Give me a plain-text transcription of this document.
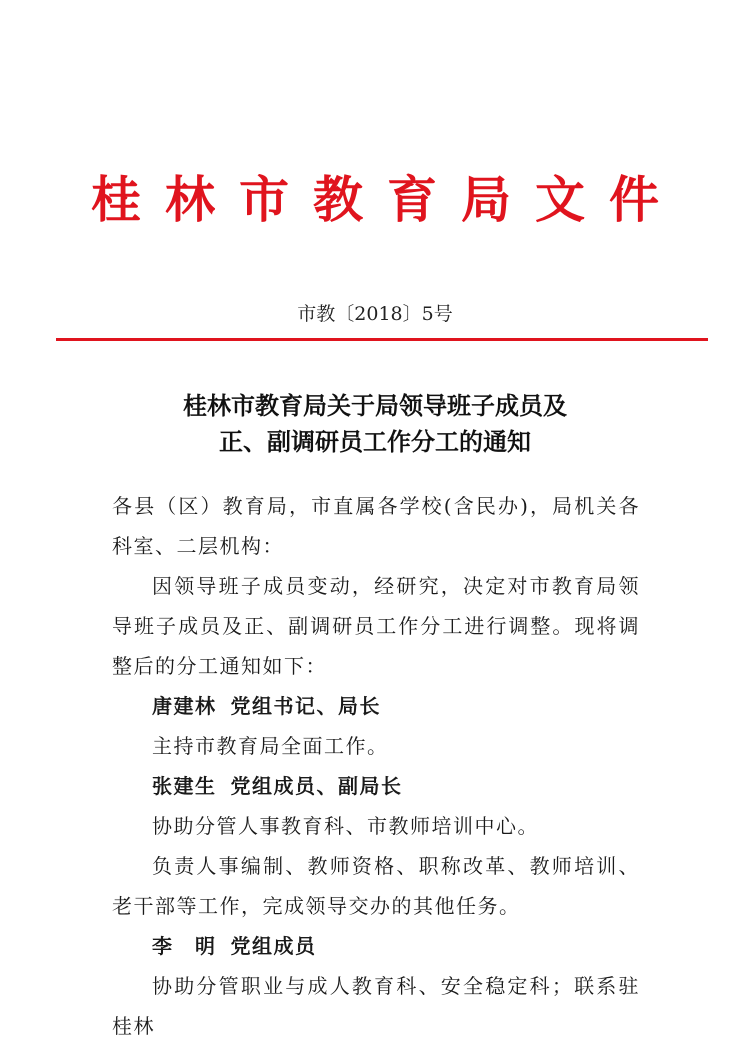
桂林市教育局文件
市教〔2018〕5号
桂林市教育局关于局领导班子成员及
正、副调研员工作分工的通知

各县（区）教育局，市直属各学校(含民办)，局机关各科室、二层机构：

因领导班子成员变动，经研究，决定对市教育局领导班子成员及正、副调研员工作分工进行调整。现将调整后的分工通知如下：

唐建林 党组书记、局长

主持市教育局全面工作。

张建生 党组成员、副局长

协助分管人事教育科、市教师培训中心。

负责人事编制、教师资格、职称改革、教师培训、老干部等工作，完成领导交办的其他任务。

李　明 党组成员

协助分管职业与成人教育科、安全稳定科；联系驻桂林
